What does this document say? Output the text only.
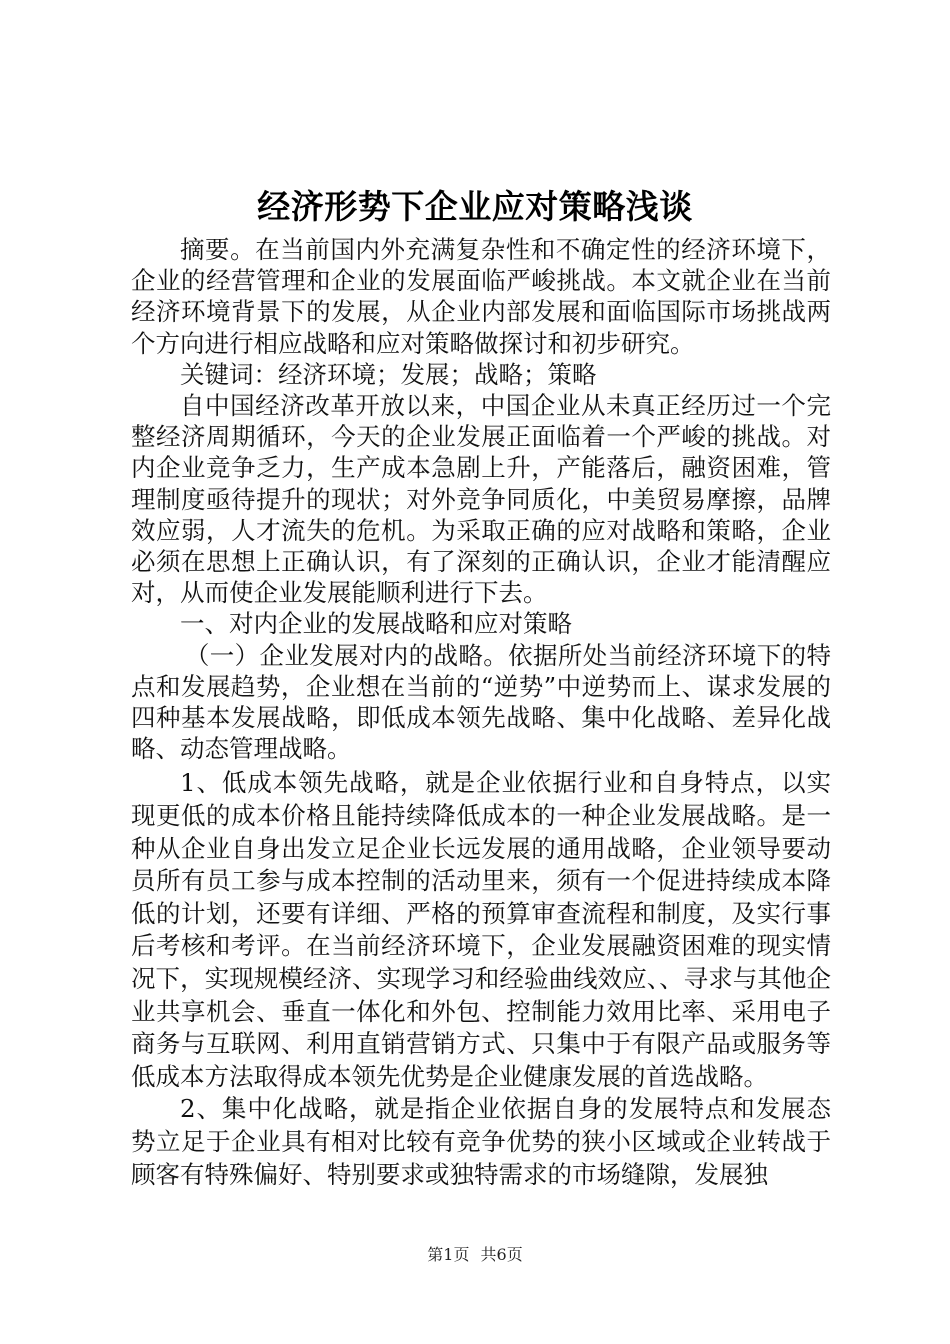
经济形势下企业应对策略浅谈

摘要。在当前国内外充满复杂性和不确定性的经济环境下，企业的经营管理和企业的发展面临严峻挑战。本文就企业在当前经济环境背景下的发展，从企业内部发展和面临国际市场挑战两个方向进行相应战略和应对策略做探讨和初步研究。

关键词：经济环境；发展；战略；策略

自中国经济改革开放以来，中国企业从未真正经历过一个完整经济周期循环，今天的企业发展正面临着一个严峻的挑战。对内企业竞争乏力，生产成本急剧上升，产能落后，融资困难，管理制度亟待提升的现状；对外竞争同质化，中美贸易摩擦，品牌效应弱，人才流失的危机。为采取正确的应对战略和策略，企业必须在思想上正确认识，有了深刻的正确认识，企业才能清醒应对，从而使企业发展能顺利进行下去。

一、对内企业的发展战略和应对策略

（一）企业发展对内的战略。依据所处当前经济环境下的特点和发展趋势，企业想在当前的“逆势”中逆势而上、谋求发展的四种基本发展战略，即低成本领先战略、集中化战略、差异化战略、动态管理战略。

1、低成本领先战略，就是企业依据行业和自身特点，以实现更低的成本价格且能持续降低成本的一种企业发展战略。是一种从企业自身出发立足企业长远发展的通用战略，企业领导要动员所有员工参与成本控制的活动里来，须有一个促进持续成本降低的计划，还要有详细、严格的预算审查流程和制度，及实行事后考核和考评。在当前经济环境下，企业发展融资困难的现实情况下，实现规模经济、实现学习和经验曲线效应、、寻求与其他企业共享机会、垂直一体化和外包、控制能力效用比率、采用电子商务与互联网、利用直销营销方式、只集中于有限产品或服务等低成本方法取得成本领先优势是企业健康发展的首选战略。

2、集中化战略，就是指企业依据自身的发展特点和发展态势立足于企业具有相对比较有竞争优势的狭小区域或企业转战于顾客有特殊偏好、特别要求或独特需求的市场缝隙，发展独

第1页 共6页
